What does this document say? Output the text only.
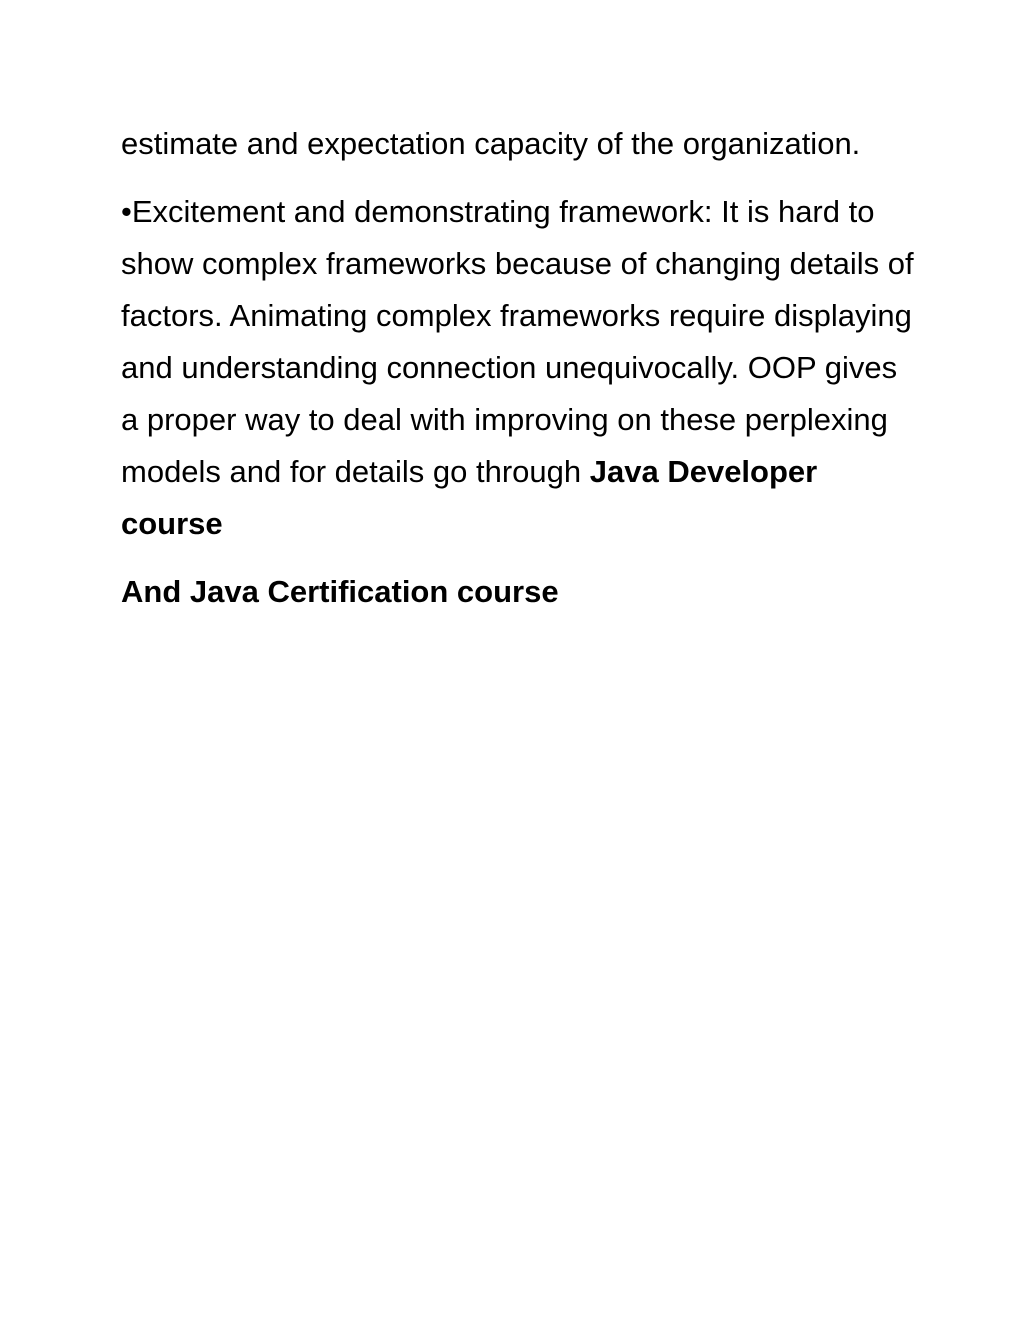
estimate and expectation capacity of the organization.

•Excitement and demonstrating framework: It is hard to show complex frameworks because of changing details of factors. Animating complex frameworks require displaying and understanding connection unequivocally. OOP gives a proper way to deal with improving on these perplexing models and for details go through Java Developer course

And Java Certification course
